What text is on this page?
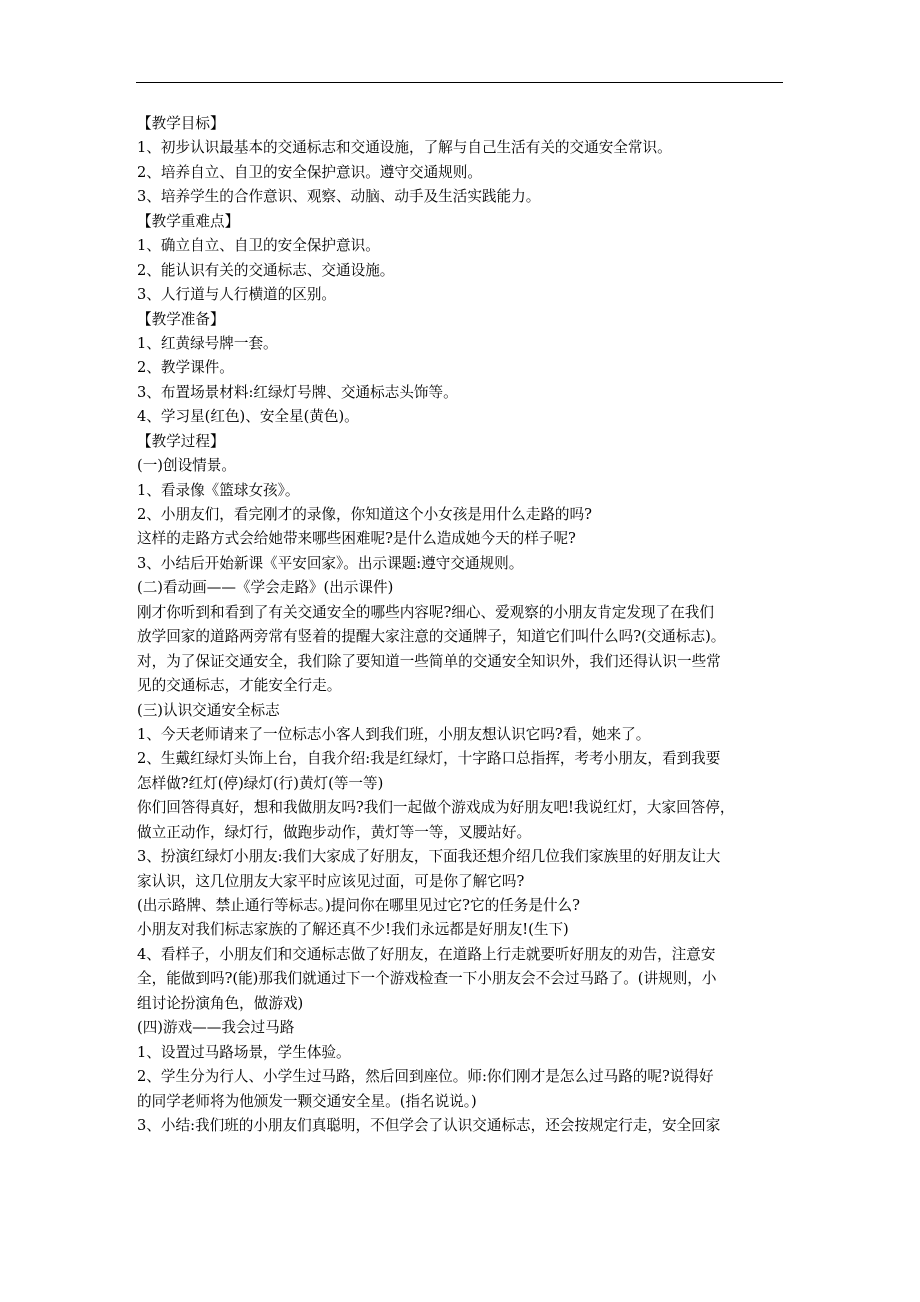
【教学目标】
1、初步认识最基本的交通标志和交通设施，了解与自己生活有关的交通安全常识。
2、培养自立、自卫的安全保护意识。遵守交通规则。
3、培养学生的合作意识、观察、动脑、动手及生活实践能力。
【教学重难点】
1、确立自立、自卫的安全保护意识。
2、能认识有关的交通标志、交通设施。
3、人行道与人行横道的区别。
【教学准备】
1、红黄绿号牌一套。
2、教学课件。
3、布置场景材料:红绿灯号牌、交通标志头饰等。
4、学习星(红色)、安全星(黄色)。
【教学过程】
(一)创设情景。
1、看录像《篮球女孩》。
2、小朋友们，看完刚才的录像，你知道这个小女孩是用什么走路的吗?
这样的走路方式会给她带来哪些困难呢?是什么造成她今天的样子呢?
3、小结后开始新课《平安回家》。出示课题:遵守交通规则。
(二)看动画——《学会走路》(出示课件)
刚才你听到和看到了有关交通安全的哪些内容呢?细心、爱观察的小朋友肯定发现了在我们
放学回家的道路两旁常有竖着的提醒大家注意的交通牌子，知道它们叫什么吗?(交通标志)。
对，为了保证交通安全，我们除了要知道一些简单的交通安全知识外，我们还得认识一些常
见的交通标志，才能安全行走。
(三)认识交通安全标志
1、今天老师请来了一位标志小客人到我们班，小朋友想认识它吗?看，她来了。
2、生戴红绿灯头饰上台，自我介绍:我是红绿灯，十字路口总指挥，考考小朋友，看到我要
怎样做?红灯(停)绿灯(行)黄灯(等一等)
你们回答得真好，想和我做朋友吗?我们一起做个游戏成为好朋友吧!我说红灯，大家回答停，
做立正动作，绿灯行，做跑步动作，黄灯等一等，叉腰站好。
3、扮演红绿灯小朋友:我们大家成了好朋友，下面我还想介绍几位我们家族里的好朋友让大
家认识，这几位朋友大家平时应该见过面，可是你了解它吗?
(出示路牌、禁止通行等标志。)提问你在哪里见过它?它的任务是什么?
小朋友对我们标志家族的了解还真不少!我们永远都是好朋友!(生下)
4、看样子，小朋友们和交通标志做了好朋友，在道路上行走就要听好朋友的劝告，注意安
全，能做到吗?(能)那我们就通过下一个游戏检查一下小朋友会不会过马路了。(讲规则，小
组讨论扮演角色，做游戏)
(四)游戏——我会过马路
1、设置过马路场景，学生体验。
2、学生分为行人、小学生过马路，然后回到座位。师:你们刚才是怎么过马路的呢?说得好
的同学老师将为他颁发一颗交通安全星。(指名说说。)
3、小结:我们班的小朋友们真聪明，不但学会了认识交通标志，还会按规定行走，安全回家
